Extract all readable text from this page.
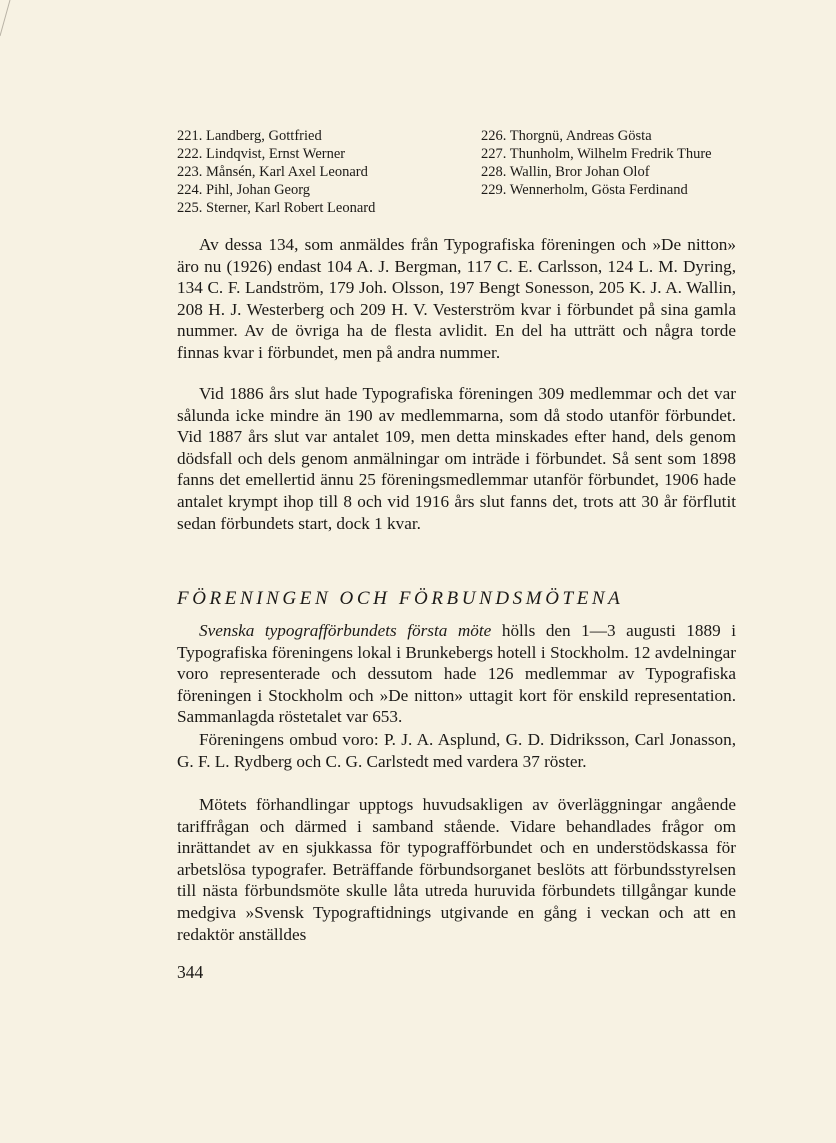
221. Landberg, Gottfried
222. Lindqvist, Ernst Werner
223. Månsén, Karl Axel Leonard
224. Pihl, Johan Georg
225. Sterner, Karl Robert Leonard
226. Thorgnü, Andreas Gösta
227. Thunholm, Wilhelm Fredrik Thure
228. Wallin, Bror Johan Olof
229. Wennerholm, Gösta Ferdinand

Av dessa 134, som anmäldes från Typografiska föreningen och »De nitton» äro nu (1926) endast 104 A. J. Bergman, 117 C. E. Carlsson, 124 L. M. Dyring, 134 C. F. Landström, 179 Joh. Olsson, 197 Bengt Sonesson, 205 K. J. A. Wallin, 208 H. J. Westerberg och 209 H. V. Vesterström kvar i förbundet på sina gamla nummer. Av de övriga ha de flesta avlidit. En del ha utträtt och några torde finnas kvar i förbundet, men på andra nummer.

Vid 1886 års slut hade Typografiska föreningen 309 medlemmar och det var sålunda icke mindre än 190 av medlemmarna, som då stodo utanför förbundet. Vid 1887 års slut var antalet 109, men detta minskades efter hand, dels genom dödsfall och dels genom anmälningar om inträde i förbundet. Så sent som 1898 fanns det emellertid ännu 25 föreningsmedlemmar utanför förbundet, 1906 hade antalet krympt ihop till 8 och vid 1916 års slut fanns det, trots att 30 år förflutit sedan förbundets start, dock 1 kvar.

FÖRENINGEN OCH FÖRBUNDSMÖTENA

Svenska typografförbundets första möte hölls den 1—3 augusti 1889 i Typografiska föreningens lokal i Brunkebergs hotell i Stockholm. 12 avdelningar voro representerade och dessutom hade 126 medlemmar av Typografiska föreningen i Stockholm och »De nitton» uttagit kort för enskild representation. Sammanlagda röstetalet var 653.

Föreningens ombud voro: P. J. A. Asplund, G. D. Didriksson, Carl Jonasson, G. F. L. Rydberg och C. G. Carlstedt med vardera 37 röster.

Mötets förhandlingar upptogs huvudsakligen av överläggningar angående tariffrågan och därmed i samband stående. Vidare behandlades frågor om inrättandet av en sjukkassa för typografförbundet och en understödskassa för arbetslösa typografer. Beträffande förbundsorganet beslöts att förbundsstyrelsen till nästa förbundsmöte skulle låta utreda huruvida förbundets tillgångar kunde medgiva »Svensk Typograftidnings utgivande en gång i veckan och att en redaktör anställdes

344
